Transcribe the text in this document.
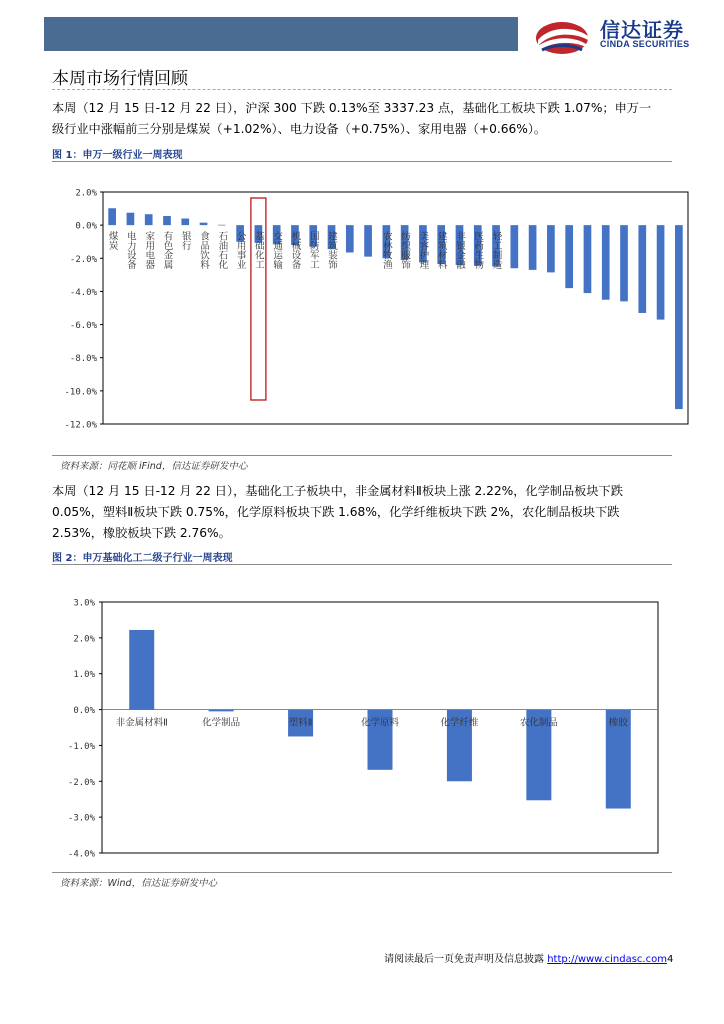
信达证券
CINDA SECURITIES
本周市场行情回顾
本周（12 月 15 日-12 月 22 日），沪深 300 下跌 0.13%至 3337.23 点，基础化工板块下跌 1.07%；申万一
级行业中涨幅前三分别是煤炭（+1.02%）、电力设备（+0.75%）、家用电器（+0.66%）。
图 1：申万一级行业一周表现
2.0%
0.0%
-2.0%
-4.0%
-6.0%
-8.0%
-10.0%
-12.0%
煤炭 电力设备 家用电器 有色金属 银行 食品饮料 石油石化 公用事业 基础化工 交通运输 机械设备 国防军工 建筑装饰	农林牧渔 纺织服饰 美容护理 建筑材料 非银金融 医药生物 轻工制造
资料来源：同花顺 iFind，信达证券研发中心
本周（12 月 15 日-12 月 22 日），基础化工子板块中，非金属材料Ⅱ板块上涨 2.22%，化学制品板块下跌
0.05%，塑料Ⅱ板块下跌 0.75%，化学原料板块下跌 1.68%，化学纤维板块下跌 2%，农化制品板块下跌
2.53%，橡胶板块下跌 2.76%。
图 2：申万基础化工二级子行业一周表现
3.0%
2.0%
1.0%
0.0%
-1.0%
-2.0%
-3.0%
-4.0%
非金属材料Ⅱ	化学制品	塑料Ⅱ	化学原料	化学纤维	农化制品	橡胶
资料来源：Wind，信达证券研发中心
请阅读最后一页免责声明及信息披露 http://www.cindasc.com4
